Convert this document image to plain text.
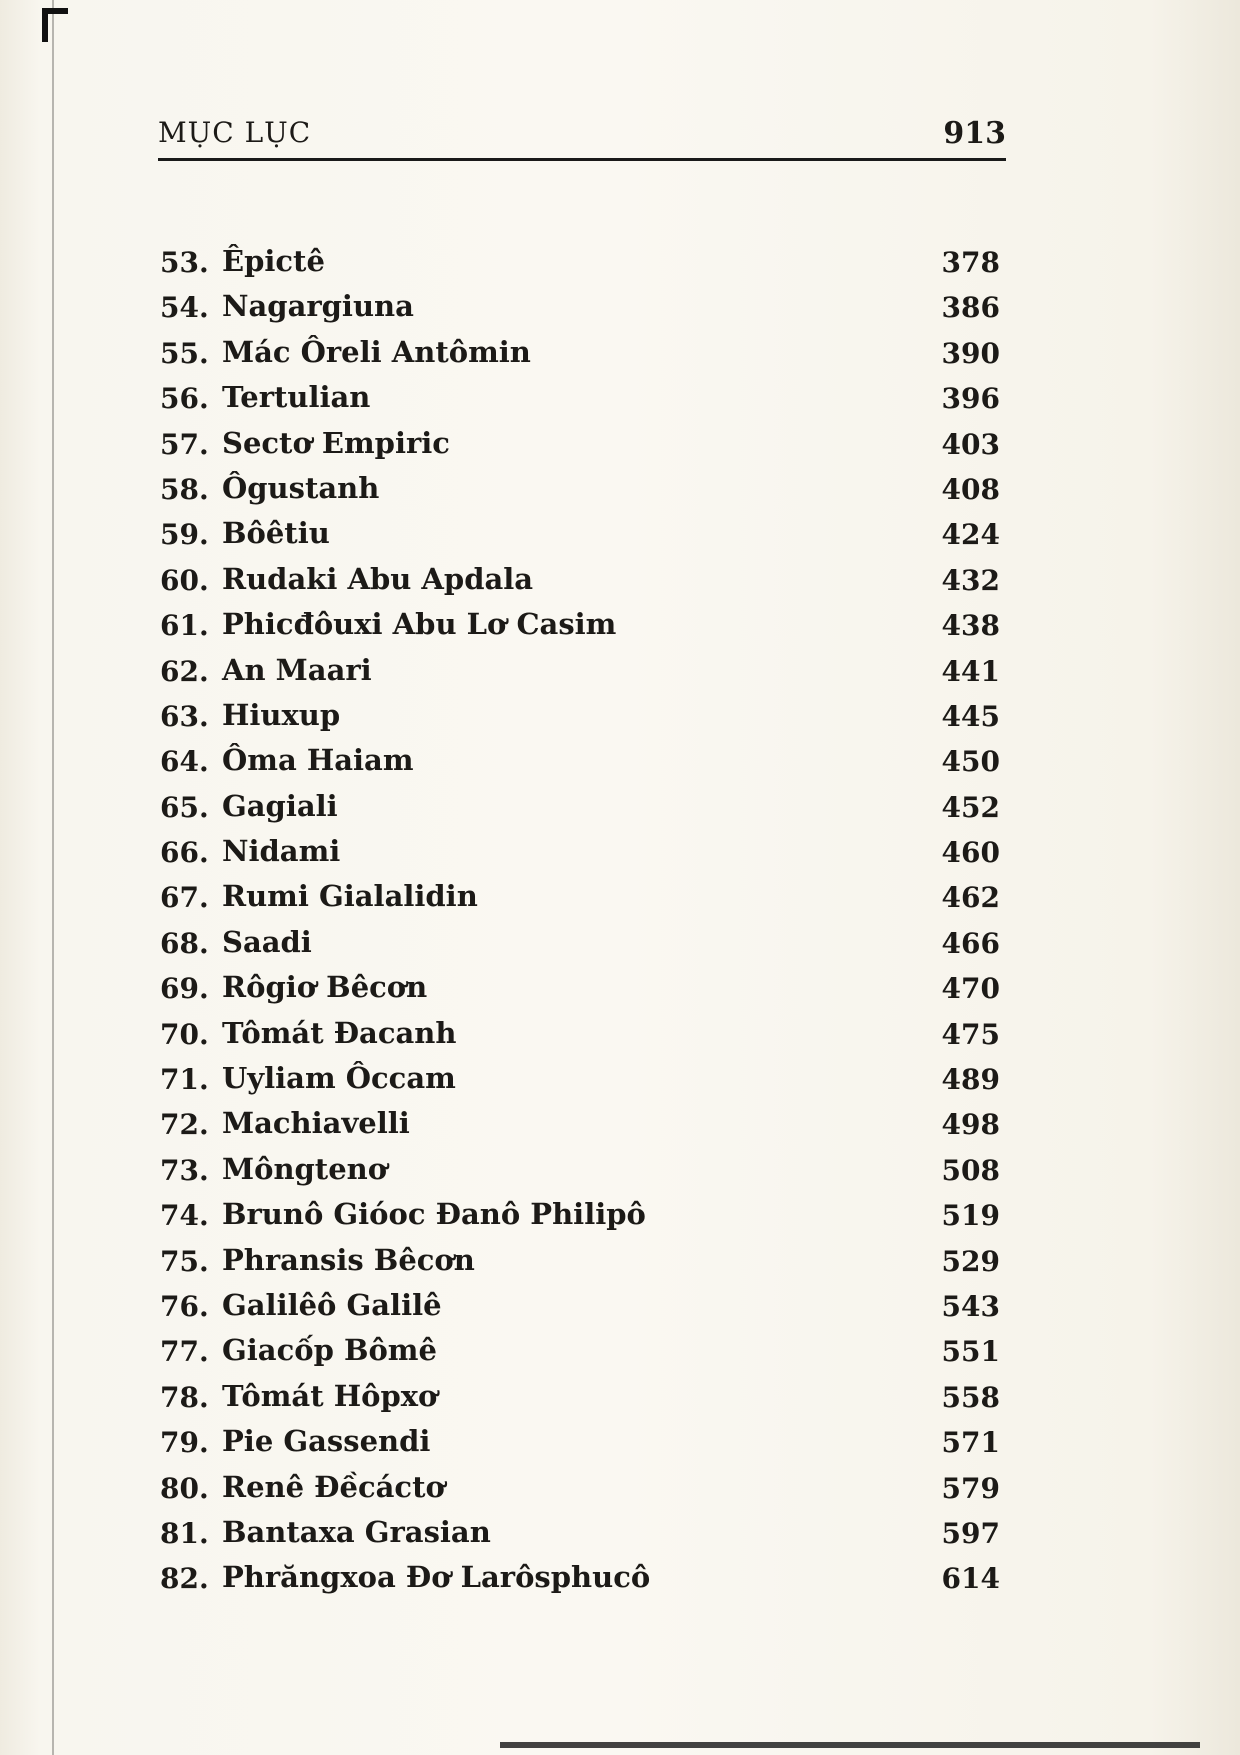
MỤC LỤC	913
53. Êpictê	378
54. Nagargiuna	386
55. Mác Ôreli Antômin	390
56. Tertulian	396
57. Sectơ Empiric	403
58. Ôgustanh	408
59. Bôêtiu	424
60. Rudaki Abu Apdala	432
61. Phicđôuxi Abu Lơ Casim	438
62. An Maari	441
63. Hiuxup	445
64. Ôma Haiam	450
65. Gagiali	452
66. Nidami	460
67. Rumi Gialalidin	462
68. Saadi	466
69. Rôgiơ Bêcơn	470
70. Tômát Đacanh	475
71. Uyliam Ôccam	489
72. Machiavelli	498
73. Môngtenơ	508
74. Brunô Gióoc Đanô Philipô	519
75. Phransis Bêcơn	529
76. Galilêô Galilê	543
77. Giacốp Bômê	551
78. Tômát Hôpxơ	558
79. Pie Gassendi	571
80. Renê Đềcáctơ	579
81. Bantaxa Grasian	597
82. Phrăngxoa Đơ Larôsphucô	614
